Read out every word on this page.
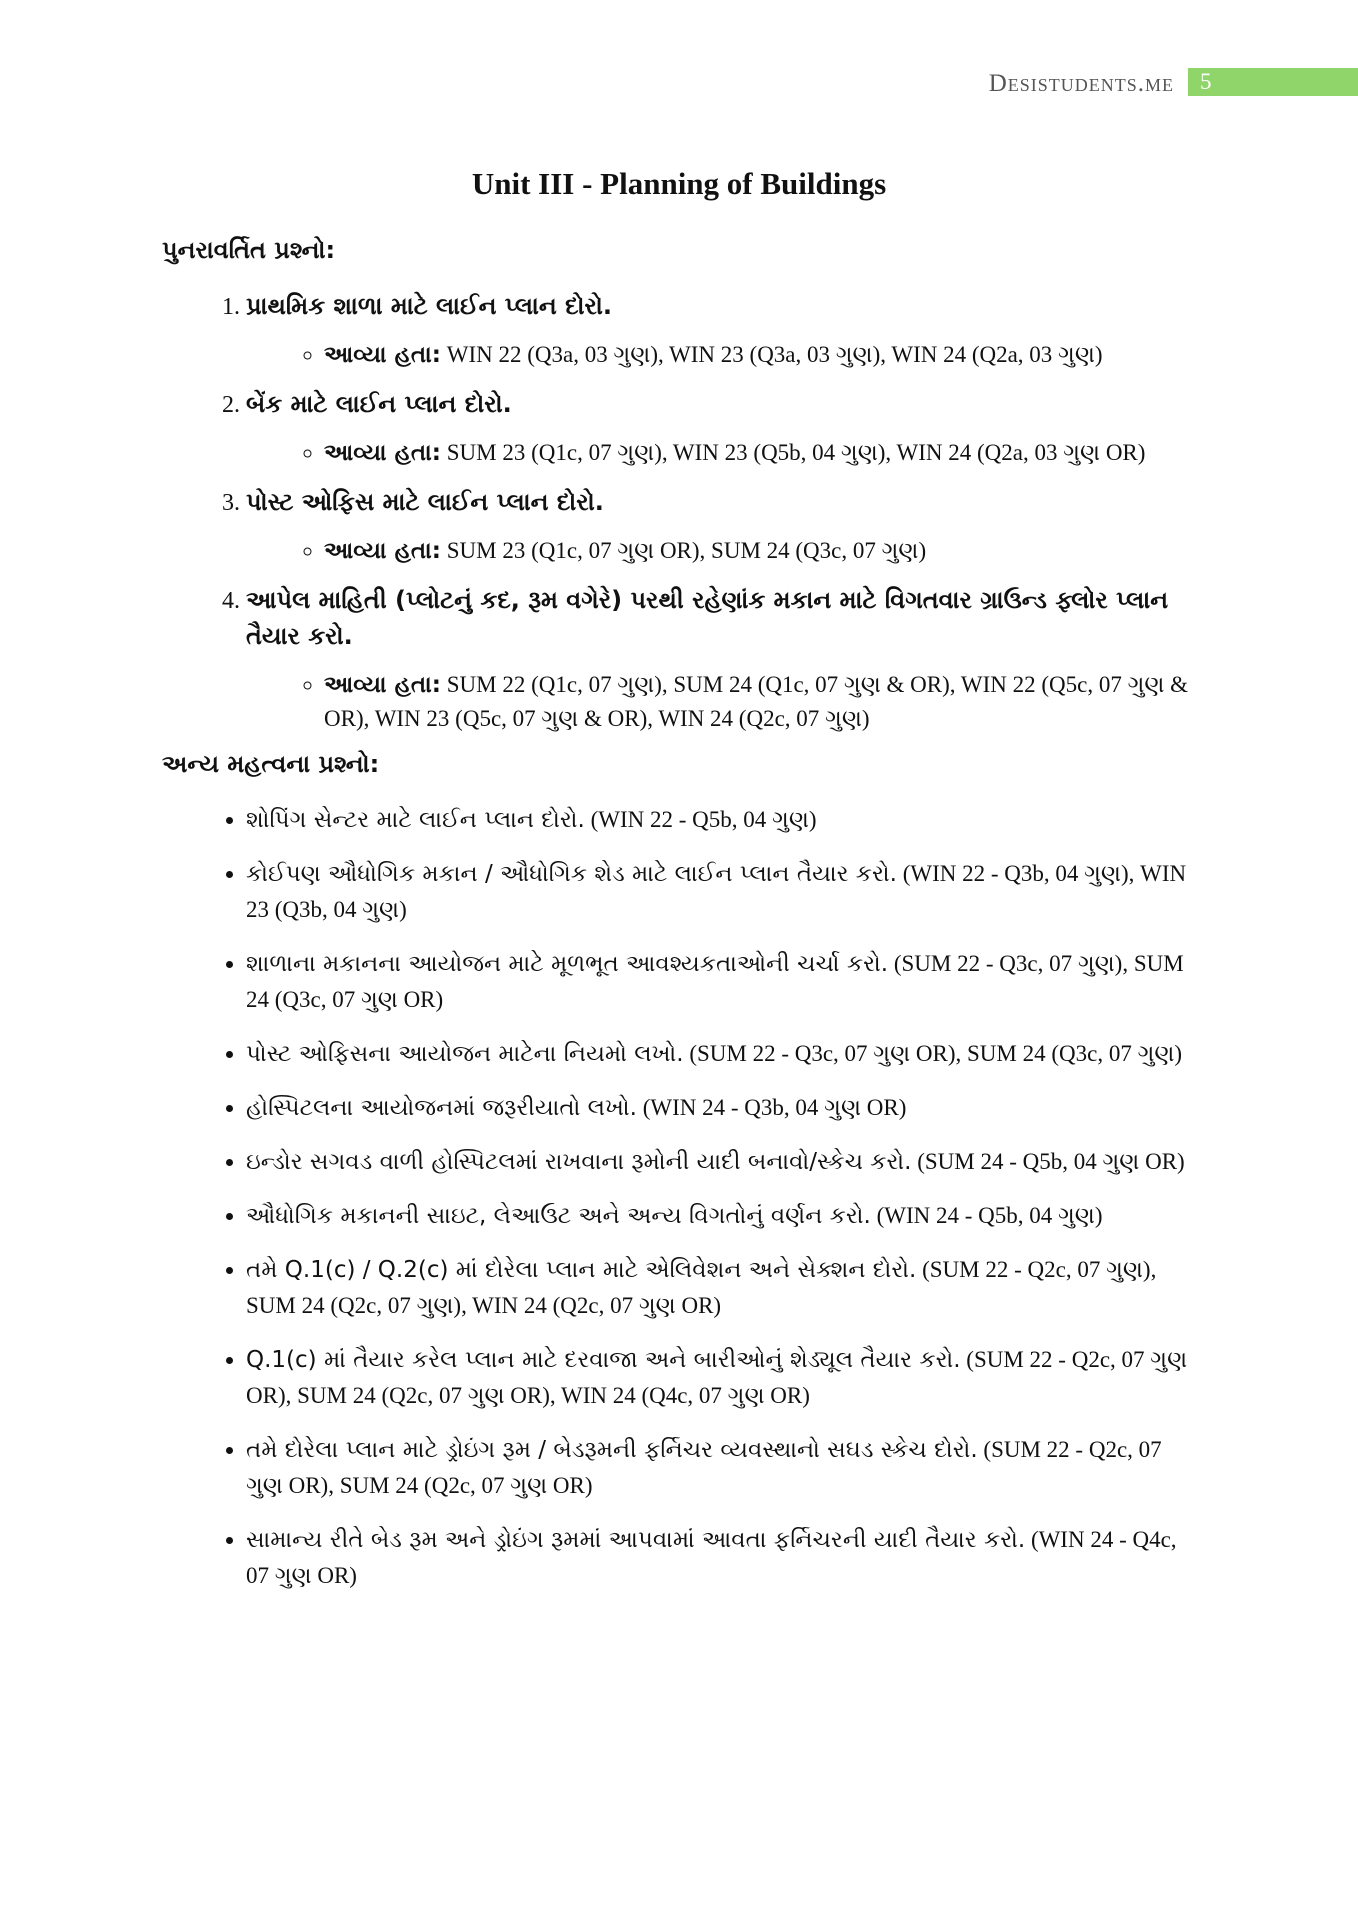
Desistudents.me 5
Unit III - Planning of Buildings
પુનરાવર્તિત પ્રશ્નો:
1. પ્રાથમિક શાળા માટે લાઈન પ્લાન દોરો.
◦ આવ્યા હતા: WIN 22 (Q3a, 03 ગુણ), WIN 23 (Q3a, 03 ગુણ), WIN 24 (Q2a, 03 ગુણ)
2. બેંક માટે લાઈન પ્લાન દોરો.
◦ આવ્યા હતા: SUM 23 (Q1c, 07 ગુણ), WIN 23 (Q5b, 04 ગુણ), WIN 24 (Q2a, 03 ગુણ OR)
3. પોસ્ટ ઓફિસ માટે લાઈન પ્લાન દોરો.
◦ આવ્યા હતા: SUM 23 (Q1c, 07 ગુણ OR), SUM 24 (Q3c, 07 ગુણ)
4. આપેલ માહિતી (પ્લોટનું કદ, રૂમ વગેરે) પરથી રહેણાંક મકાન માટે વિગતવાર ગ્રાઉન્ડ ફ્લોર પ્લાન તૈયાર કરો.
◦ આવ્યા હતા: SUM 22 (Q1c, 07 ગુણ), SUM 24 (Q1c, 07 ગુણ & OR), WIN 22 (Q5c, 07 ગુણ & OR), WIN 23 (Q5c, 07 ગુણ & OR), WIN 24 (Q2c, 07 ગુણ)
અન્ય મહત્વના પ્રશ્નો:
• શોપિંગ સેન્ટર માટે લાઈન પ્લાન દોરો. (WIN 22 - Q5b, 04 ગુણ)
• કોઈપણ ઔધોગિક મકાન / ઔધોગિક શેડ માટે લાઈન પ્લાન તૈયાર કરો. (WIN 22 - Q3b, 04 ગુણ), WIN 23 (Q3b, 04 ગુણ)
• શાળાના મકાનના આયોજન માટે મૂળભૂત આવશ્યકતાઓની ચર્ચા કરો. (SUM 22 - Q3c, 07 ગુણ), SUM 24 (Q3c, 07 ગુણ OR)
• પોસ્ટ ઓફિસના આયોજન માટેના નિયમો લખો. (SUM 22 - Q3c, 07 ગુણ OR), SUM 24 (Q3c, 07 ગુણ)
• હોસ્પિટલના આયોજનમાં જરૂરીયાતો લખો. (WIN 24 - Q3b, 04 ગુણ OR)
• ઇન્ડોર સગવડ વાળી હોસ્પિટલમાં રાખવાના રૂમોની યાદી બનાવો/સ્કેચ કરો. (SUM 24 - Q5b, 04 ગુણ OR)
• ઔધોગિક મકાનની સાઇટ, લેઆઉટ અને અન્ય વિગતોનું વર્ણન કરો. (WIN 24 - Q5b, 04 ગુણ)
• તમે Q.1(c) / Q.2(c) માં દોરેલા પ્લાન માટે એલિવેશન અને સેક્શન દોરો. (SUM 22 - Q2c, 07 ગુણ), SUM 24 (Q2c, 07 ગુણ), WIN 24 (Q2c, 07 ગુણ OR)
• Q.1(c) માં તૈયાર કરેલ પ્લાન માટે દરવાજા અને બારીઓનું શેડ્યૂલ તૈયાર કરો. (SUM 22 - Q2c, 07 ગુણ OR), SUM 24 (Q2c, 07 ગુણ OR), WIN 24 (Q4c, 07 ગુણ OR)
• તમે દોરેલા પ્લાન માટે ડ્રોઇંગ રૂમ / બેડરૂમની ફર્નિચર વ્યવસ્થાનો સઘડ સ્કેચ દોરો. (SUM 22 - Q2c, 07 ગુણ OR), SUM 24 (Q2c, 07 ગુણ OR)
• સામાન્ય રીતે બેડ રૂમ અને ડ્રોઇંગ રૂમમાં આપવામાં આવતા ફર્નિચરની યાદી તૈયાર કરો. (WIN 24 - Q4c, 07 ગુણ OR)
